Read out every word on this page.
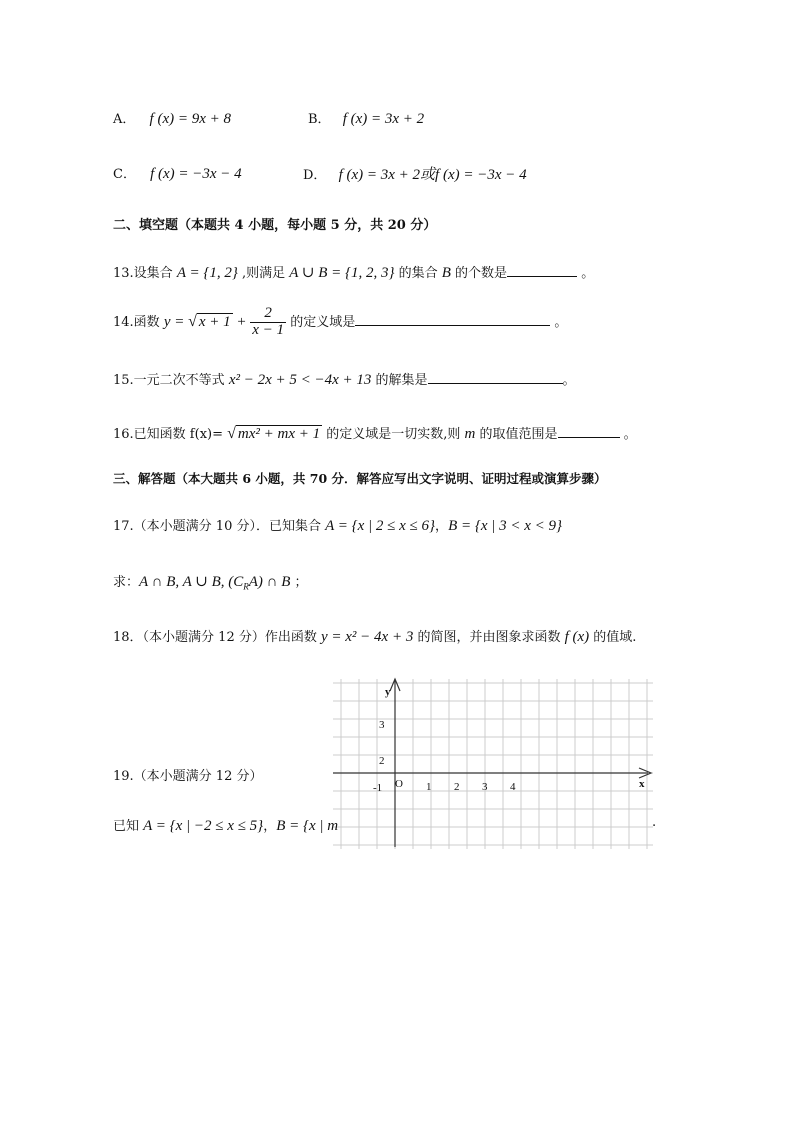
A． f (x) = 9x + 8	B． f (x) = 3x + 2
C． f (x) = −3x − 4	D． f (x) = 3x + 2或f (x) = −3x − 4
二、填空题（本题共 4 小题，每小题 5 分，共 20 分）
13.设集合 A = {1, 2} ,则满足 A ∪ B = {1, 2, 3} 的集合 B 的个数是	。
14.函数 y = √ $x + 1 + \frac{2}{x - 1}$ 的定义域是	。
15.一元二次不等式 x² − 2x + 5 < −4x + 13 的解集是	。
16.已知函数 f(x)= √ mx² + mx + 1 的定义域是一切实数,则 m 的取值范围是	。
三、解答题（本大题共 6 小题，共 70 分．解答应写出文字说明、证明过程或演算步骤）
17.（本小题满分 10 分）．已知集合 A = {x | 2 ≤ x ≤ 6}，B = {x | 3 < x < 9}
求：A ∩ B, A ∪ B, $(C_RA)$ ∩ B ；
18．（本小题满分 12 分）作出函数 y = x² − 4x + 3 的简图，并由图象求函数 f (x) 的值域.
y
x
O
3
2
-1	1 2 3 4
19.（本小题满分 12 分）
已知 A = {x | −2 ≤ x ≤ 5}，B = {x | m	.
